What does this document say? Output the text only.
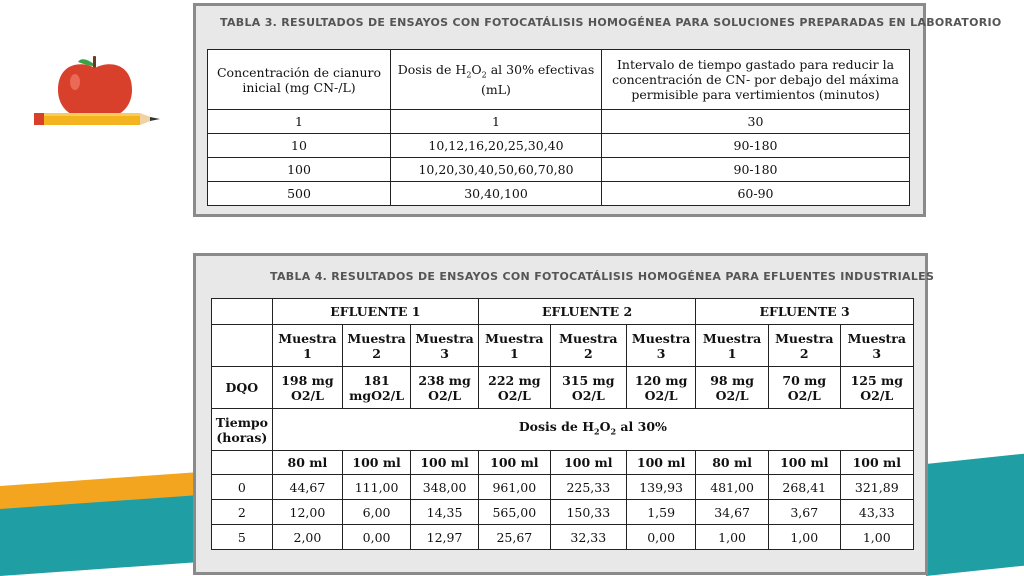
TABLA 3. RESULTADOS DE ENSAYOS CON FOTOCATÁLISIS HOMOGÉNEA PARA SOLUCIONES PREPARADAS EN LABORATORIO
Concentración de cianuro inicial (mg CN-/L)	Dosis de $H_2O_2$ al 30% efectivas (mL)	Intervalo de tiempo gastado para reducir la concentración de CN- por debajo del máxima permisible para vertimientos (minutos)
1	1	30
10	10,12,16,20,25,30,40	90-180
100	10,20,30,40,50,60,70,80	90-180
500	30,40,100	60-90
TABLA 4. RESULTADOS DE ENSAYOS CON FOTOCATÁLISIS HOMOGÉNEA PARA EFLUENTES INDUSTRIALES
	EFLUENTE 1			EFLUENTE 2			EFLUENTE 3		
	Muestra 1	Muestra 2	Muestra 3	Muestra 1	Muestra 2	Muestra 3	Muestra 1	Muestra 2	Muestra 3
DQO	198 mg O2/L	181 mgO2/L	238 mg O2/L	222 mg O2/L	315 mg O2/L	120 mg O2/L	98 mg O2/L	70 mg O2/L	125 mg O2/L
Tiempo (horas)	Dosis de $H_2O_2$ al 30%								
	80 ml	100 ml	100 ml	100 ml	100 ml	100 ml	80 ml	100 ml	100 ml
0	44,67	111,00	348,00	961,00	225,33	139,93	481,00	268,41	321,89
2	12,00	6,00	14,35	565,00	150,33	1,59	34,67	3,67	43,33
5	2,00	0,00	12,97	25,67	32,33	0,00	1,00	1,00	1,00
